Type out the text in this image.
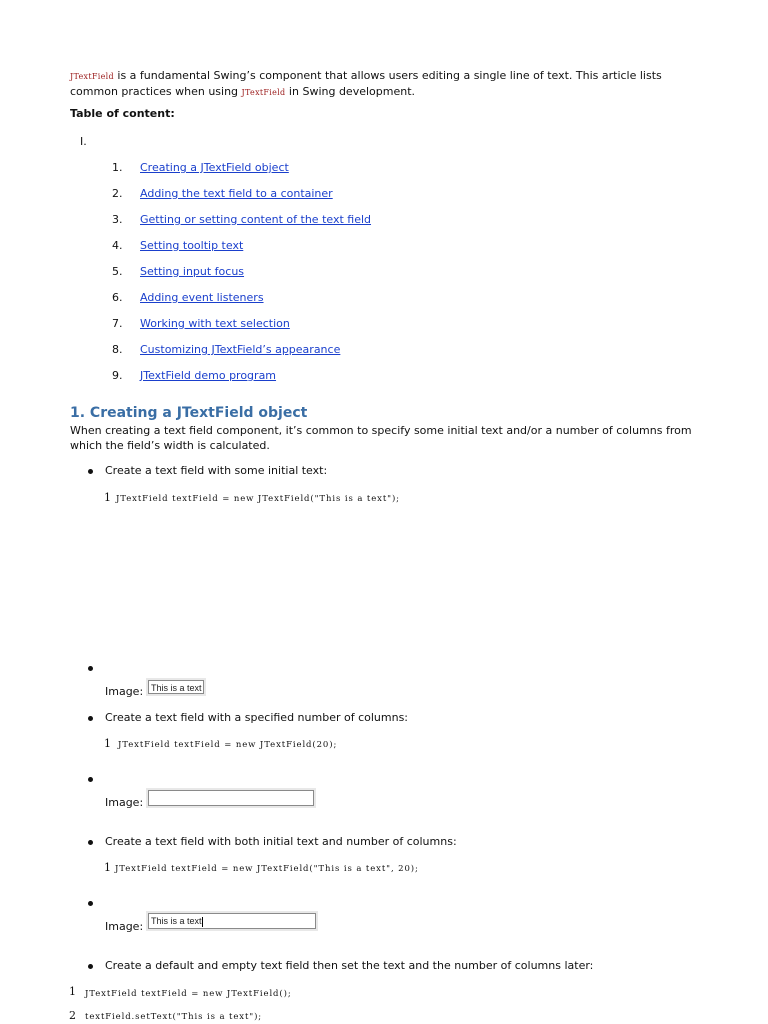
JTextField is a fundamental Swing’s component that allows users editing a single line of text. This article lists
common practices when using JTextField in Swing development.
Table of content:
I.
1.	Creating a JTextField object
2.	Adding the text field to a container
3.	Getting or setting content of the text field
4.	Setting tooltip text
5.	Setting input focus
6.	Adding event listeners
7.	Working with text selection
8.	Customizing JTextField’s appearance
9.	JTextField demo program
1. Creating a JTextField object
When creating a text field component, it’s common to specify some initial text and/or a number of columns from
which the field’s width is calculated.
Create a text field with some initial text:
1 JTextField textField = new JTextField("This is a text");
Image: This is a text
Create a text field with a specified number of columns:
1 JTextField textField = new JTextField(20);
Image:
Create a text field with both initial text and number of columns:
1 JTextField textField = new JTextField("This is a text", 20);
Image: This is a text
Create a default and empty text field then set the text and the number of columns later:
1 JTextField textField = new JTextField();
2 textField.setText("This is a text");
